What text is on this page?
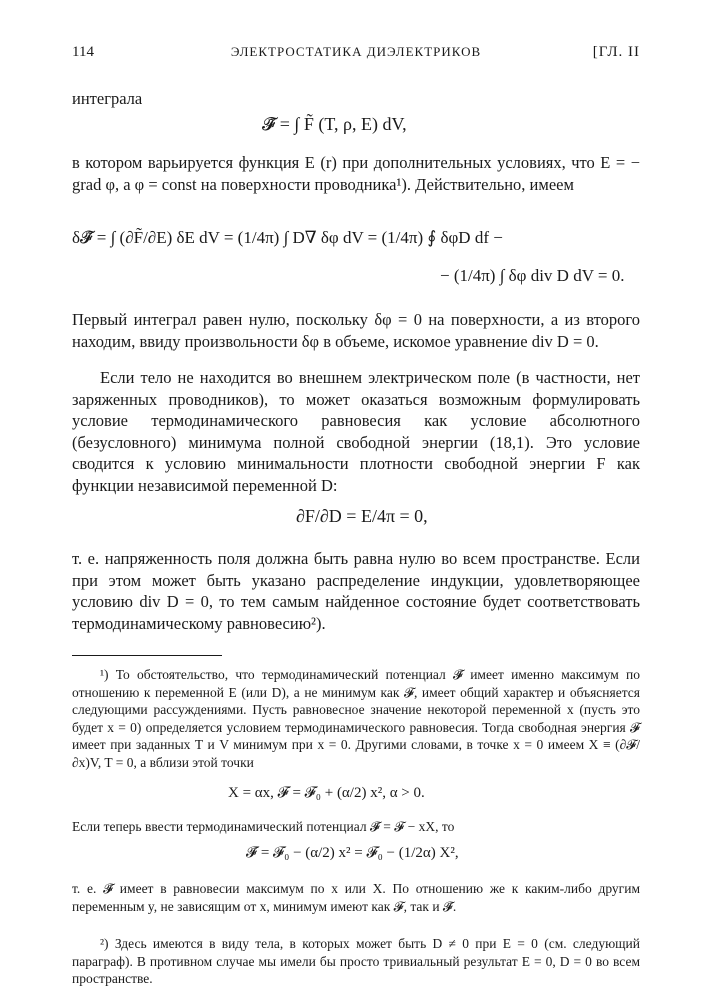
114	ЭЛЕКТРОСТАТИКА ДИЭЛЕКТРИКОВ	[ГЛ. II

интеграла

𝓕̃ = ∫ F̃ (T, ρ, E) dV,

в котором варьируется функция E (r) при дополнительных условиях, что E = − grad φ, а φ = const на поверхности проводника¹). Действительно, имеем

δ𝓕̃ = ∫ (∂F̃/∂E) δE dV = (1/4π) ∫ D∇ δφ dV = (1/4π) ∮ δφD df −
− (1/4π) ∫ δφ div D dV = 0.

Первый интеграл равен нулю, поскольку δφ = 0 на поверхности, а из второго находим, ввиду произвольности δφ в объеме, искомое уравнение div D = 0.

Если тело не находится во внешнем электрическом поле (в частности, нет заряженных проводников), то может оказаться возможным формулировать условие термодинамического равновесия как условие абсолютного (безусловного) минимума полной свободной энергии (18,1). Это условие сводится к условию минимальности плотности свободной энергии F как функции независимой переменной D:

∂F/∂D = E/4π = 0,

т. е. напряженность поля должна быть равна нулю во всем пространстве. Если при этом может быть указано распределение индукции, удовлетворяющее условию div D = 0, то тем самым найденное состояние будет соответствовать термодинамическому равновесию²).

¹) То обстоятельство, что термодинамический потенциал 𝓕̃ имеет именно максимум по отношению к переменной E (или D), а не минимум как 𝓕, имеет общий характер и объясняется следующими рассуждениями. Пусть равновесное значение некоторой переменной x (пусть это будет x = 0) определяется условием термодинамического равновесия. Тогда свободная энергия 𝓕 имеет при заданных T и V минимум при x = 0. Другими словами, в точке x = 0 имеем X ≡ (∂𝓕/∂x)V, T = 0, а вблизи этой точки

X = αx, 𝓕 = 𝓕₀ + (α/2) x², α > 0.

Если теперь ввести термодинамический потенциал 𝓕̃ = 𝓕 − xX, то

𝓕̃ = 𝓕₀ − (α/2) x² = 𝓕₀ − (1/2α) X²,

т. е. 𝓕̃ имеет в равновесии максимум по x или X. По отношению же к каким-либо другим переменным y, не зависящим от x, минимум имеют как 𝓕, так и 𝓕̃.

²) Здесь имеются в виду тела, в которых может быть D ≠ 0 при E = 0 (см. следующий параграф). В противном случае мы имели бы просто тривиальный результат E = 0, D = 0 во всем пространстве.
